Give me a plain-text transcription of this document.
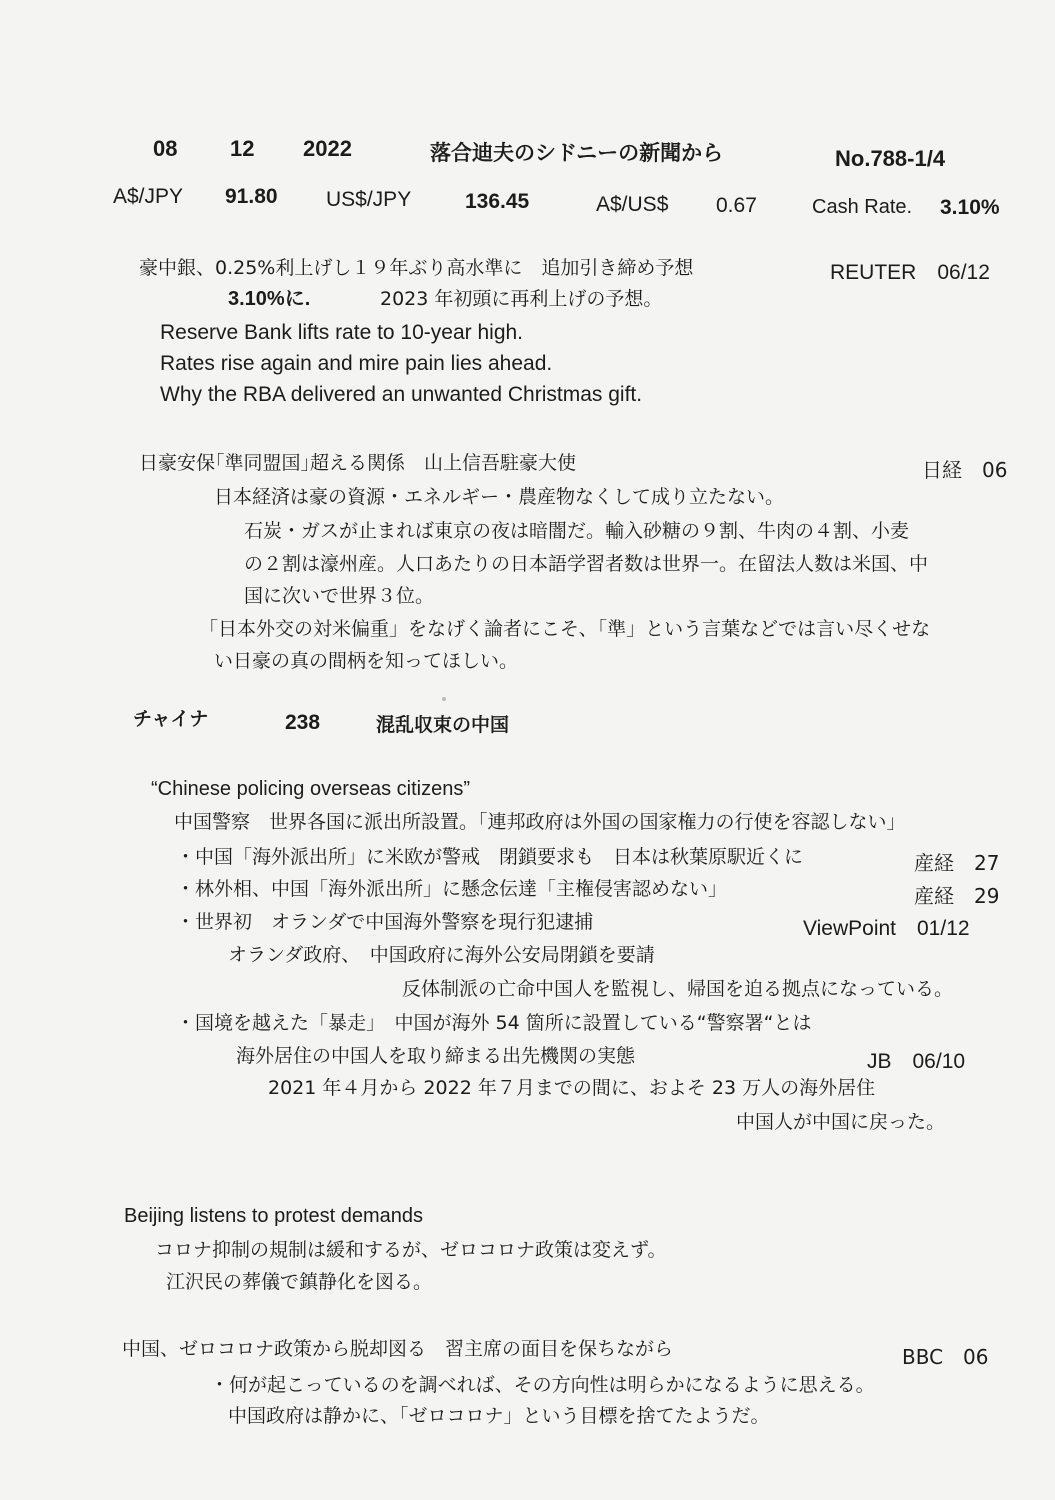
08 12 2022	落合迪夫のシドニーの新聞から	No.788-1/4
A$/JPY 91.80 US$/JPY	136.45	A$/US$ 0.67	Cash Rate. 3.10%
豪中銀、0.25%利上げし１９年ぶり高水準に　追加引き締め予想	REUTER　06/12
3.10%に.	2023 年初頭に再利上げの予想。
Reserve Bank lifts rate to 10-year high.
Rates rise again and mire pain lies ahead.
Why the RBA delivered an unwanted Christmas gift.
日豪安保｢準同盟国｣超える関係　山上信吾駐豪大使	日経　06
日本経済は豪の資源・エネルギー・農産物なくして成り立たない。
石炭・ガスが止まれば東京の夜は暗闇だ。輸入砂糖の９割、牛肉の４割、小麦
の２割は濠州産。人口あたりの日本語学習者数は世界一。在留法人数は米国、中
国に次いで世界３位。
「日本外交の対米偏重」をなげく論者にこそ、「準」という言葉などでは言い尽くせな
い日豪の真の間柄を知ってほしい。
チャイナ	238	混乱収束の中国
“Chinese policing overseas citizens”
中国警察　世界各国に派出所設置。「連邦政府は外国の国家権力の行使を容認しない」
・中国「海外派出所」に米欧が警戒　閉鎖要求も　日本は秋葉原駅近くに	産経　27
・林外相、中国「海外派出所」に懸念伝達「主権侵害認めない」	産経　29
・世界初　オランダで中国海外警察を現行犯逮捕	ViewPoint　01/12
オランダ政府、　中国政府に海外公安局閉鎖を要請
反体制派の亡命中国人を監視し、帰国を迫る拠点になっている。
・国境を越えた「暴走」　中国が海外 54 箇所に設置している“警察署“とは
海外居住の中国人を取り締まる出先機関の実態	JB　06/10
2021 年４月から 2022 年７月までの間に、およそ 23 万人の海外居住
中国人が中国に戻った。
Beijing listens to protest demands
コロナ抑制の規制は緩和するが、ゼロコロナ政策は変えず。
江沢民の葬儀で鎮静化を図る。
中国、ゼロコロナ政策から脱却図る　習主席の面目を保ちながら	BBC　06
・何が起こっているのを調べれば、その方向性は明らかになるように思える。
中国政府は静かに、「ゼロコロナ」という目標を捨てたようだ。
